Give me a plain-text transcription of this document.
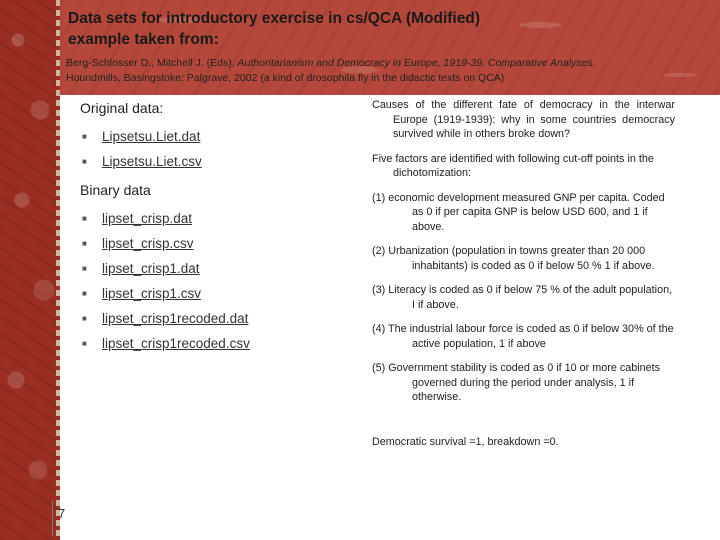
Data sets for introductory exercise in cs/QCA (Modified) example taken from:
Berg-Schlosser D., Mitchell J. (Eds). Authoritarianism and Democracy in Europe, 1919-39. Comparative Analyses.
Houndmills, Basingstoke: Palgrave, 2002 (a kind of drosophila fly in the didactic texts on QCA)
Original data:
■	Lipsetsu.Liet.dat
■	Lipsetsu.Liet.csv
Binary data
■	lipset_crisp.dat
■	lipset_crisp.csv
■	lipset_crisp1.dat
■	lipset_crisp1.csv
■	lipset_crisp1recoded.dat
■	lipset_crisp1recoded.csv

Causes of the different fate of democracy in the interwar Europe (1919-1939): why in some countries democracy survived while in others broke down?

Five factors are identified with following cut-off points in the dichotomization:

(1) economic development measured GNP per capita. Coded as 0 if per capita GNP is below USD 600, and 1 if above.

(2) Urbanization (population in towns greater than 20 000 inhabitants) is coded as 0 if below 50 % 1 if above.

(3) Literacy is coded as 0 if below 75 % of the adult population, I if above.

(4) The industrial labour force is coded as 0 if below 30% of the active population, 1 if above

(5) Government stability is coded as 0 if 10 or more cabinets governed during the period under analysis, 1 if otherwise.

Democratic survival =1, breakdown =0.

7
